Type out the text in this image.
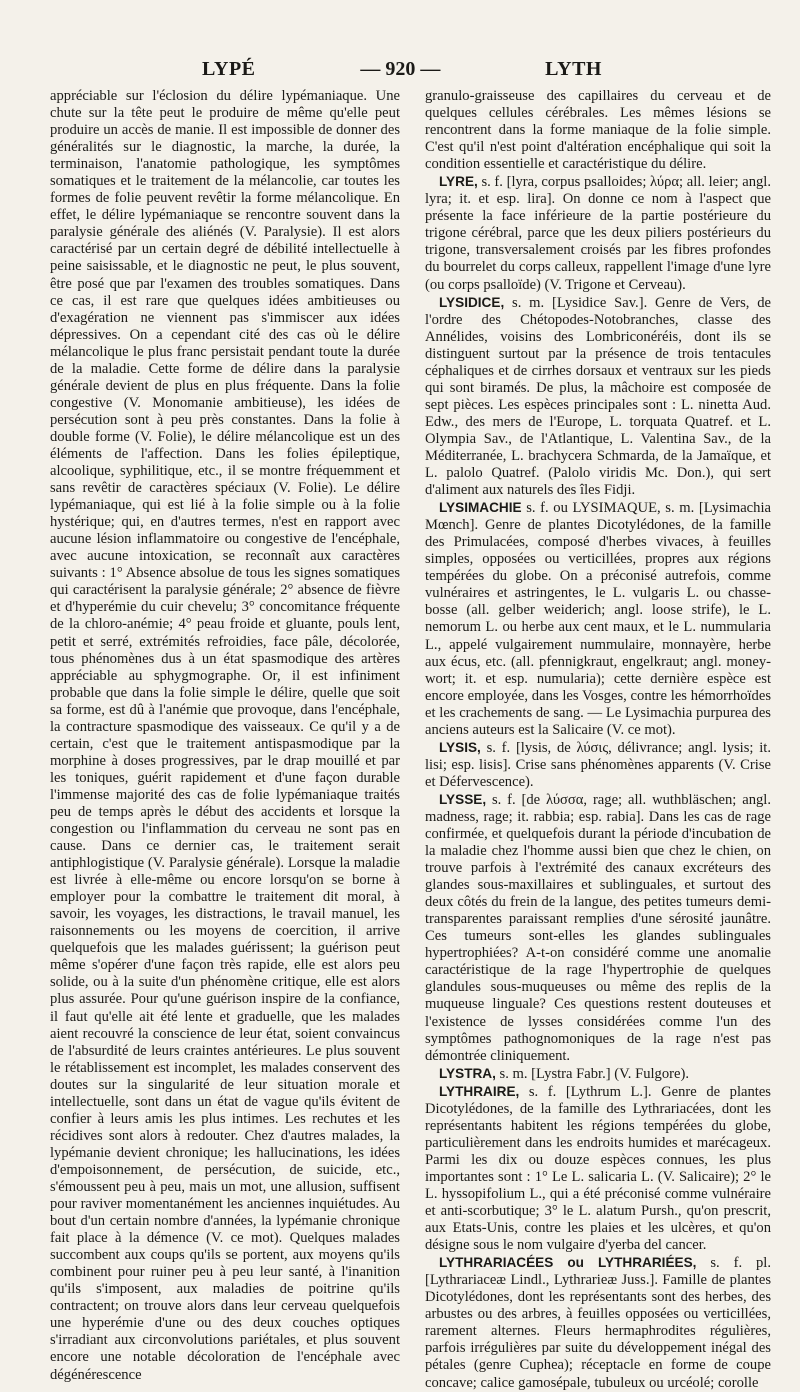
LYPÉ	— 920 —	LYTH

appréciable sur l'éclosion du délire lypémaniaque. Une chute sur la tête peut le produire de même qu'elle peut produire un accès de manie. Il est impossible de donner des généralités sur le diagnostic, la marche, la durée, la terminaison, l'anatomie pathologique, les symptômes somatiques et le traitement de la mélancolie, car toutes les formes de folie peuvent revêtir la forme mélancolique. En effet, le délire lypémaniaque se rencontre souvent dans la paralysie générale des aliénés (V. Paralysie). Il est alors caractérisé par un certain degré de débilité intellectuelle à peine saisissable, et le diagnostic ne peut, le plus souvent, être posé que par l'examen des troubles somatiques. Dans ce cas, il est rare que quelques idées ambitieuses ou d'exagération ne viennent pas s'immiscer aux idées dépressives. On a cependant cité des cas où le délire mélancolique le plus franc persistait pendant toute la durée de la maladie. Cette forme de délire dans la paralysie générale devient de plus en plus fréquente. Dans la folie congestive (V. Monomanie ambitieuse), les idées de persécution sont à peu près constantes. Dans la folie à double forme (V. Folie), le délire mélancolique est un des éléments de l'affection. Dans les folies épileptique, alcoolique, syphilitique, etc., il se montre fréquemment et sans revêtir de caractères spéciaux (V. Folie). Le délire lypémaniaque, qui est lié à la folie simple ou à la folie hystérique; qui, en d'autres termes, n'est en rapport avec aucune lésion inflammatoire ou congestive de l'encéphale, avec aucune intoxication, se reconnaît aux caractères suivants : 1° Absence absolue de tous les signes somatiques qui caractérisent la paralysie générale; 2° absence de fièvre et d'hyperémie du cuir chevelu; 3° concomitance fréquente de la chloro-anémie; 4° peau froide et gluante, pouls lent, petit et serré, extrémités refroidies, face pâle, décolorée, tous phénomènes dus à un état spasmodique des artères appréciable au sphygmographe. Or, il est infiniment probable que dans la folie simple le délire, quelle que soit sa forme, est dû à l'anémie que provoque, dans l'encéphale, la contracture spasmodique des vaisseaux. Ce qu'il y a de certain, c'est que le traitement antispasmodique par la morphine à doses progressives, par le drap mouillé et par les toniques, guérit rapidement et d'une façon durable l'immense majorité des cas de folie lypémaniaque traités peu de temps après le début des accidents et lorsque la congestion ou l'inflammation du cerveau ne sont pas en cause. Dans ce dernier cas, le traitement serait antiphlogistique (V. Paralysie générale). Lorsque la maladie est livrée à elle-même ou encore lorsqu'on se borne à employer pour la combattre le traitement dit moral, à savoir, les voyages, les distractions, le travail manuel, les raisonnements ou les moyens de coercition, il arrive quelquefois que les malades guérissent; la guérison peut même s'opérer d'une façon très rapide, elle est alors peu solide, ou à la suite d'un phénomène critique, elle est alors plus assurée. Pour qu'une guérison inspire de la confiance, il faut qu'elle ait été lente et graduelle, que les malades aient recouvré la conscience de leur état, soient convaincus de l'absurdité de leurs craintes antérieures. Le plus souvent le rétablissement est incomplet, les malades conservent des doutes sur la singularité de leur situation morale et intellectuelle, sont dans un état de vague qu'ils évitent de confier à leurs amis les plus intimes. Les rechutes et les récidives sont alors à redouter. Chez d'autres malades, la lypémanie devient chronique; les hallucinations, les idées d'empoisonnement, de persécution, de suicide, etc., s'émoussent peu à peu, mais un mot, une allusion, suffisent pour raviver momentanément les anciennes inquiétudes. Au bout d'un certain nombre d'années, la lypémanie chronique fait place à la démence (V. ce mot). Quelques malades succombent aux coups qu'ils se portent, aux moyens qu'ils combinent pour ruiner peu à peu leur santé, à l'inanition qu'ils s'imposent, aux maladies de poitrine qu'ils contractent; on trouve alors dans leur cerveau quelquefois une hyperémie d'une ou des deux couches optiques s'irradiant aux circonvolutions pariétales, et plus souvent encore une notable décoloration de l'encéphale avec dégénérescence

granulo-graisseuse des capillaires du cerveau et de quelques cellules cérébrales. Les mêmes lésions se rencontrent dans la forme maniaque de la folie simple. C'est qu'il n'est point d'altération encéphalique qui soit la condition essentielle et caractéristique du délire.

LYRE, s. f. [lyra, corpus psalloides; λύρα; all. leier; angl. lyra; it. et esp. lira]. On donne ce nom à l'aspect que présente la face inférieure de la partie postérieure du trigone cérébral, parce que les deux piliers postérieurs du trigone, transversalement croisés par les fibres profondes du bourrelet du corps calleux, rappellent l'image d'une lyre (ou corps psalloïde) (V. Trigone et Cerveau).

LYSIDICE, s. m. [Lysidice Sav.]. Genre de Vers, de l'ordre des Chétopodes-Notobranches, classe des Annélides, voisins des Lombriconéréis, dont ils se distinguent surtout par la présence de trois tentacules céphaliques et de cirrhes dorsaux et ventraux sur les pieds qui sont biramés. De plus, la mâchoire est composée de sept pièces. Les espèces principales sont : L. ninetta Aud. Edw., des mers de l'Europe, L. torquata Quatref. et L. Olympia Sav., de l'Atlantique, L. Valentina Sav., de la Méditerranée, L. brachycera Schmarda, de la Jamaïque, et L. palolo Quatref. (Palolo viridis Mc. Don.), qui sert d'aliment aux naturels des îles Fidji.

LYSIMACHIE s. f. ou LYSIMAQUE, s. m. [Lysimachia Mœnch]. Genre de plantes Dicotylédones, de la famille des Primulacées, composé d'herbes vivaces, à feuilles simples, opposées ou verticillées, propres aux régions tempérées du globe. On a préconisé autrefois, comme vulnéraires et astringentes, le L. vulgaris L. ou chasse-bosse (all. gelber weiderich; angl. loose strife), le L. nemorum L. ou herbe aux cent maux, et le L. nummularia L., appelé vulgairement nummulaire, monnayère, herbe aux écus, etc. (all. pfennigkraut, engelkraut; angl. money-wort; it. et esp. numularia); cette dernière espèce est encore employée, dans les Vosges, contre les hémorrhoïdes et les crachements de sang. — Le Lysimachia purpurea des anciens auteurs est la Salicaire (V. ce mot).

LYSIS, s. f. [lysis, de λύσις, délivrance; angl. lysis; it. lisi; esp. lisis]. Crise sans phénomènes apparents (V. Crise et Défervescence).

LYSSE, s. f. [de λύσσα, rage; all. wuthbläschen; angl. madness, rage; it. rabbia; esp. rabia]. Dans les cas de rage confirmée, et quelquefois durant la période d'incubation de la maladie chez l'homme aussi bien que chez le chien, on trouve parfois à l'extrémité des canaux excréteurs des glandes sous-maxillaires et sublinguales, et surtout des deux côtés du frein de la langue, des petites tumeurs demi-transparentes paraissant remplies d'une sérosité jaunâtre. Ces tumeurs sont-elles les glandes sublinguales hypertrophiées? A-t-on considéré comme une anomalie caractéristique de la rage l'hypertrophie de quelques glandules sous-muqueuses ou même des replis de la muqueuse linguale? Ces questions restent douteuses et l'existence de lysses considérées comme l'un des symptômes pathognomoniques de la rage n'est pas démontrée cliniquement.

LYSTRA, s. m. [Lystra Fabr.] (V. Fulgore).

LYTHRAIRE, s. f. [Lythrum L.]. Genre de plantes Dicotylédones, de la famille des Lythrariacées, dont les représentants habitent les régions tempérées du globe, particulièrement dans les endroits humides et marécageux. Parmi les dix ou douze espèces connues, les plus importantes sont : 1° Le L. salicaria L. (V. Salicaire); 2° le L. hyssopifolium L., qui a été préconisé comme vulnéraire et anti-scorbutique; 3° le L. alatum Pursh., qu'on prescrit, aux Etats-Unis, contre les plaies et les ulcères, et qu'on désigne sous le nom vulgaire d'yerba del cancer.

LYTHRARIACÉES ou LYTHRARIÉES, s. f. pl. [Lythrariaceæ Lindl., Lythrarieæ Juss.]. Famille de plantes Dicotylédones, dont les représentants sont des herbes, des arbustes ou des arbres, à feuilles opposées ou verticillées, rarement alternes. Fleurs hermaphrodites régulières, parfois irrégulières par suite du développement inégal des pétales (genre Cuphea); réceptacle en forme de coupe concave; calice gamosépale, tubuleux ou urcéolé; corolle
